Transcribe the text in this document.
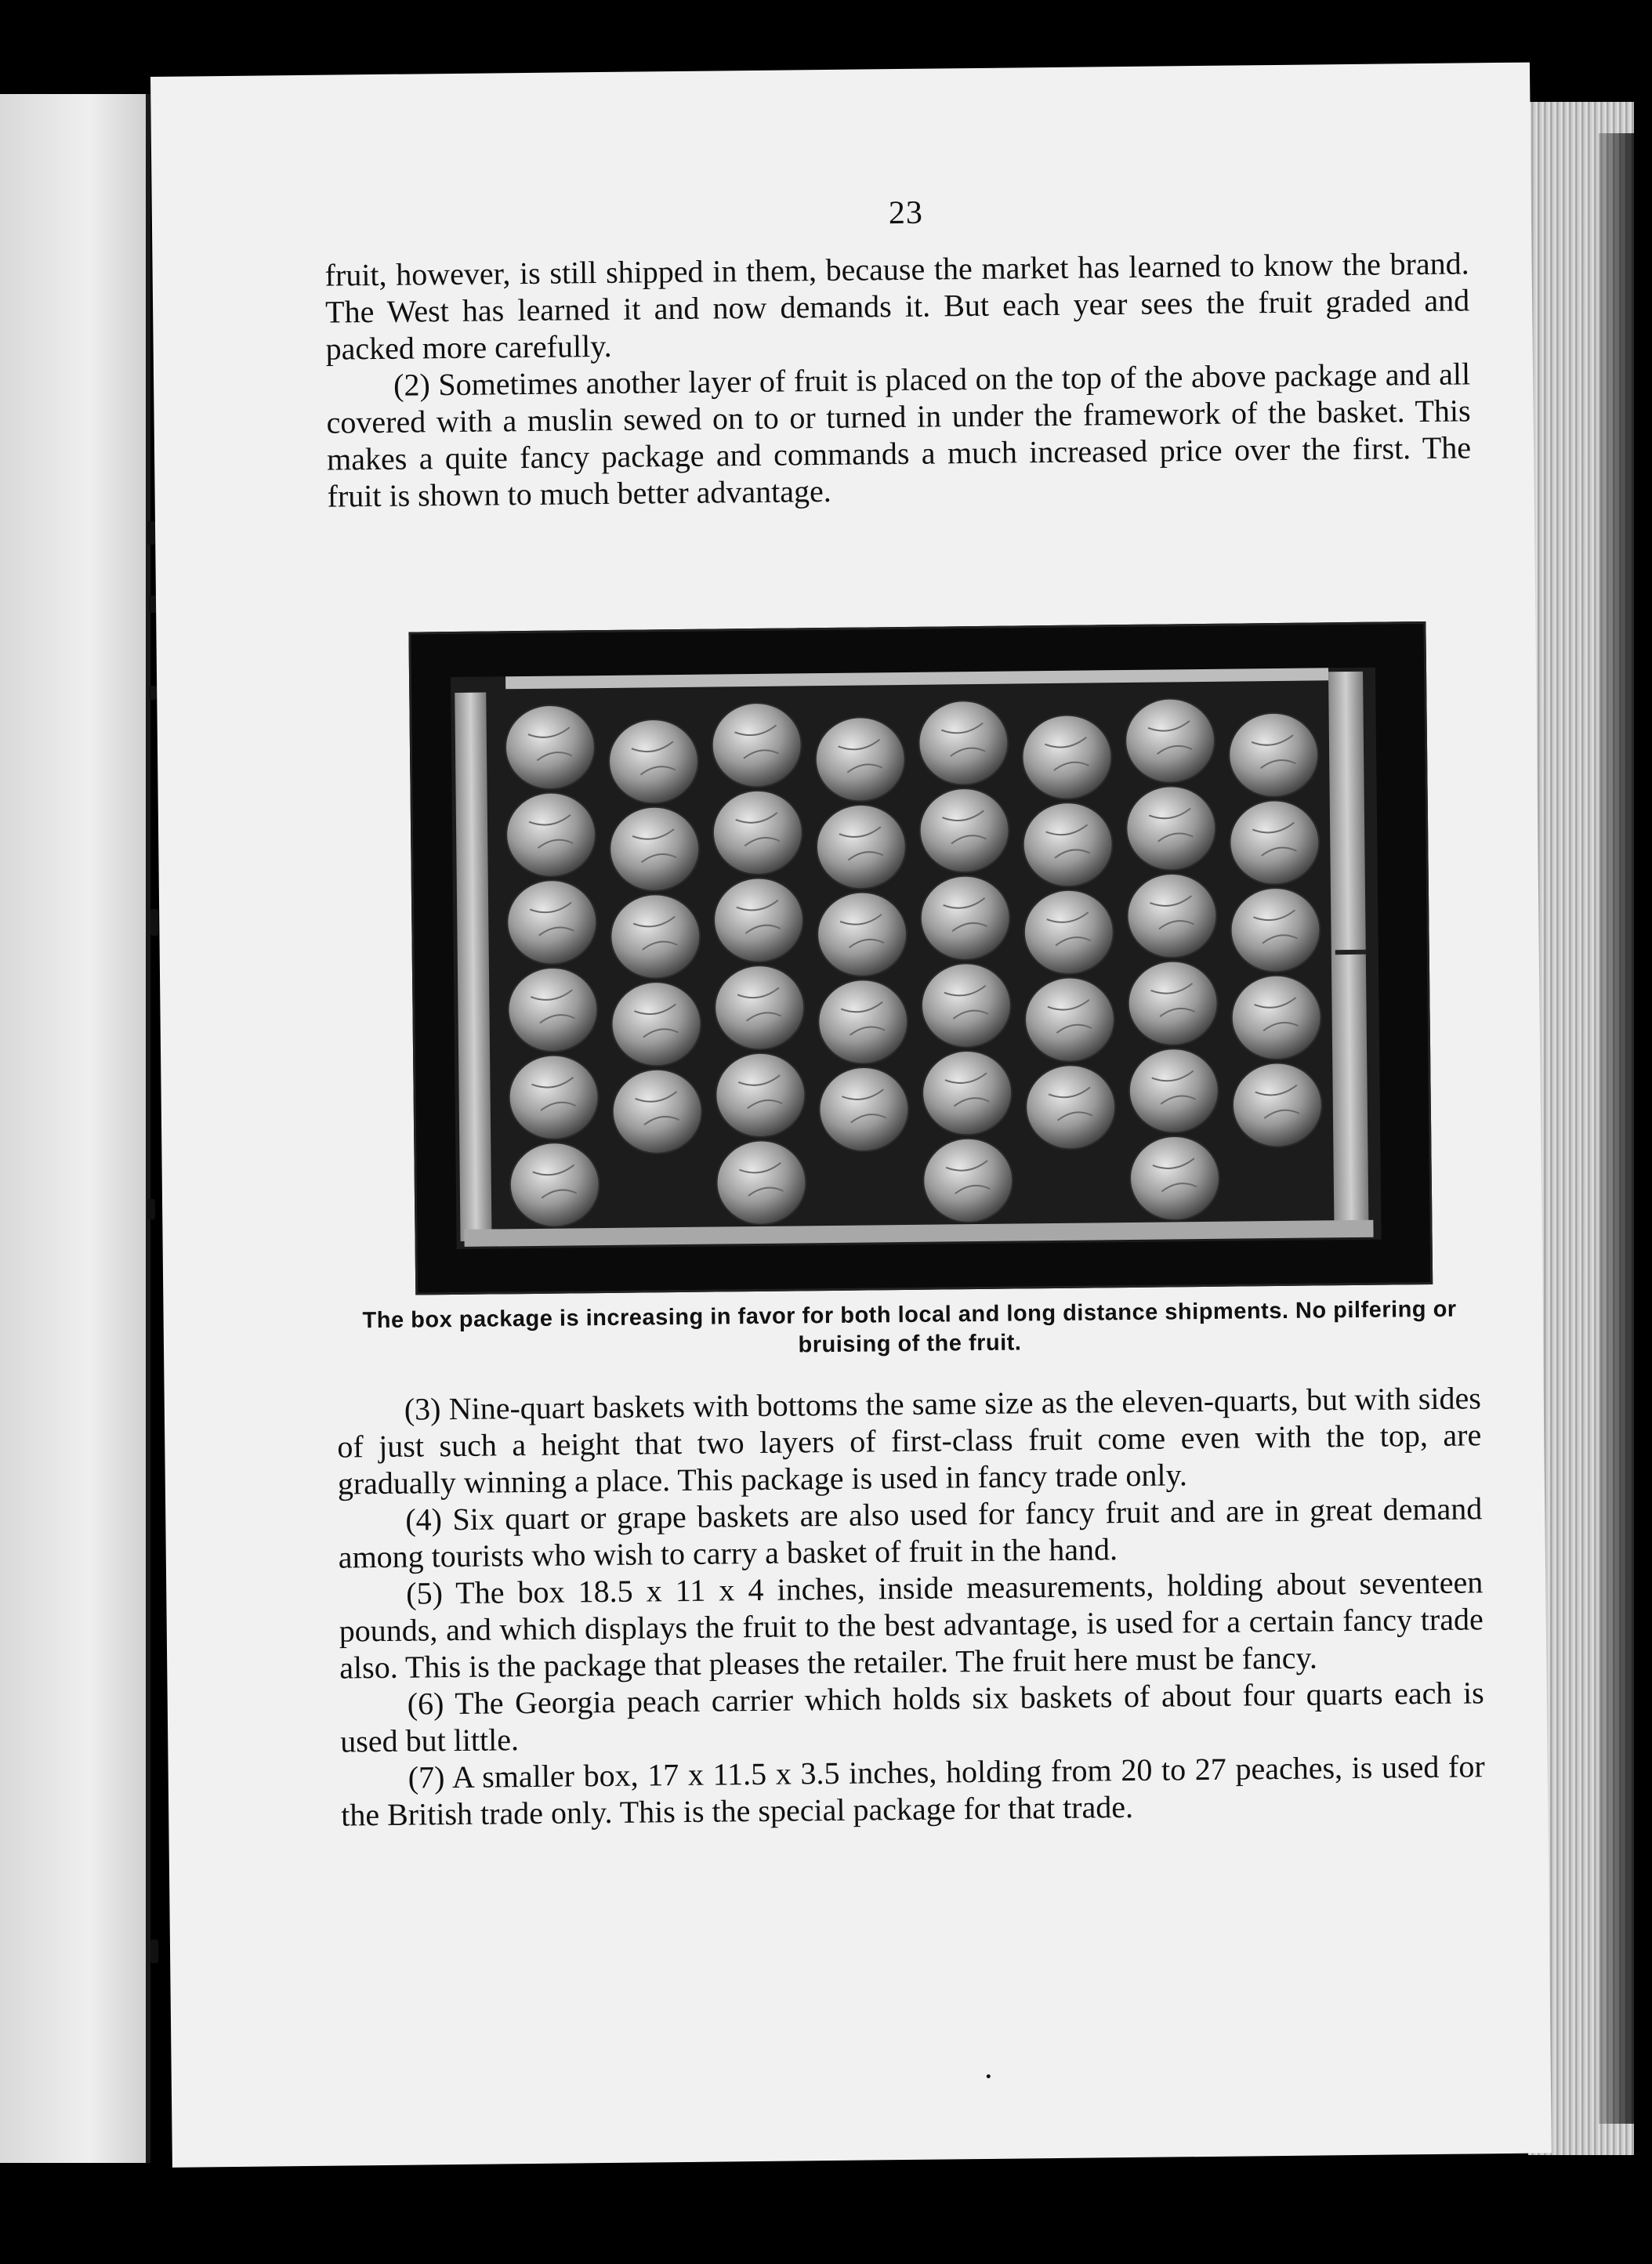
23

fruit, however, is still shipped in them, because the market has learned to know the brand. The West has learned it and now demands it. But each year sees the fruit graded and packed more carefully.

(2) Sometimes another layer of fruit is placed on the top of the above package and all covered with a muslin sewed on to or turned in under the framework of the basket. This makes a quite fancy package and commands a much increased price over the first. The fruit is shown to much better advantage.

The box package is increasing in favor for both local and long distance shipments. No pilfering or bruising of the fruit.

(3) Nine-quart baskets with bottoms the same size as the eleven-quarts, but with sides of just such a height that two layers of first-class fruit come even with the top, are gradually winning a place. This package is used in fancy trade only.

(4) Six quart or grape baskets are also used for fancy fruit and are in great demand among tourists who wish to carry a basket of fruit in the hand.

(5) The box 18.5 x 11 x 4 inches, inside measurements, holding about seventeen pounds, and which displays the fruit to the best advantage, is used for a certain fancy trade also. This is the package that pleases the retailer. The fruit here must be fancy.

(6) The Georgia peach carrier which holds six baskets of about four quarts each is used but little.

(7) A smaller box, 17 x 11.5 x 3.5 inches, holding from 20 to 27 peaches, is used for the British trade only. This is the special package for that trade.
